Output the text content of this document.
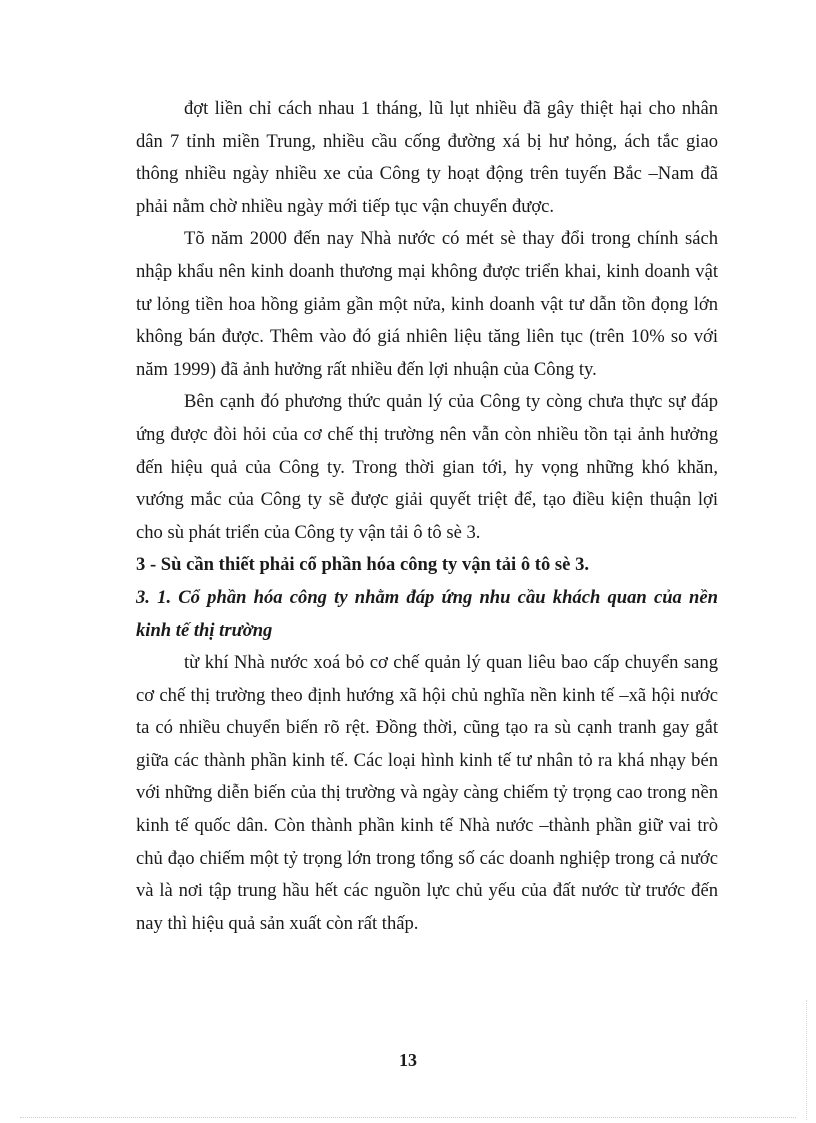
đợt liền chỉ cách nhau 1 tháng, lũ lụt nhiều đã gây thiệt hại cho nhân dân 7 tỉnh miền Trung, nhiều cầu cống đường xá bị hư hỏng, ách tắc giao thông nhiều ngày nhiều xe của Công ty hoạt động trên tuyến Bắc –Nam đã phải nằm chờ nhiều ngày mới tiếp tục vận chuyển được.

Tõ năm 2000 đến nay Nhà nước có mét sè thay đổi trong chính sách nhập khẩu nên kinh doanh thương mại không được triển khai, kinh doanh vật tư lỏng tiền hoa hồng giảm gần một nửa, kinh doanh vật tư dẫn tồn đọng lớn không bán được. Thêm vào đó giá nhiên liệu tăng liên tục (trên 10% so với năm 1999) đã ảnh hưởng rất nhiều đến lợi nhuận của Công ty.

Bên cạnh đó phương thức quản lý của Công ty còng chưa thực sự đáp ứng được đòi hỏi của cơ chế thị trường nên vẫn còn nhiều tồn tại ảnh hưởng đến hiệu quả của Công ty. Trong thời gian tới, hy vọng những khó khăn, vướng mắc của Công ty sẽ được giải quyết triệt để, tạo điều kiện thuận lợi cho sù phát triển của Công ty vận tải ô tô sè 3.

3 - Sù cần thiết phải cổ phần hóa công ty vận tải ô tô sè 3.

3. 1. Cổ phần hóa công ty nhằm đáp ứng nhu cầu khách quan của nền kinh tế thị trường

từ khí Nhà nước xoá bỏ cơ chế quản lý quan liêu bao cấp chuyển sang cơ chế thị trường theo định hướng xã hội chủ nghĩa nền kinh tế –xã hội nước ta có nhiều chuyển biến rõ rệt. Đồng thời, cũng tạo ra sù cạnh tranh gay gắt giữa các thành phần kinh tế. Các loại hình kinh tế tư nhân tỏ ra khá nhạy bén với những diễn biến của thị trường và ngày càng chiếm tỷ trọng cao trong nền kinh tế quốc dân. Còn thành phần kinh tế Nhà nước –thành phần giữ vai trò chủ đạo chiếm một tỷ trọng lớn trong tổng số các doanh nghiệp trong cả nước và là nơi tập trung hầu hết các nguồn lực chủ yếu của đất nước từ trước đến nay thì hiệu quả sản xuất còn rất thấp.

13
